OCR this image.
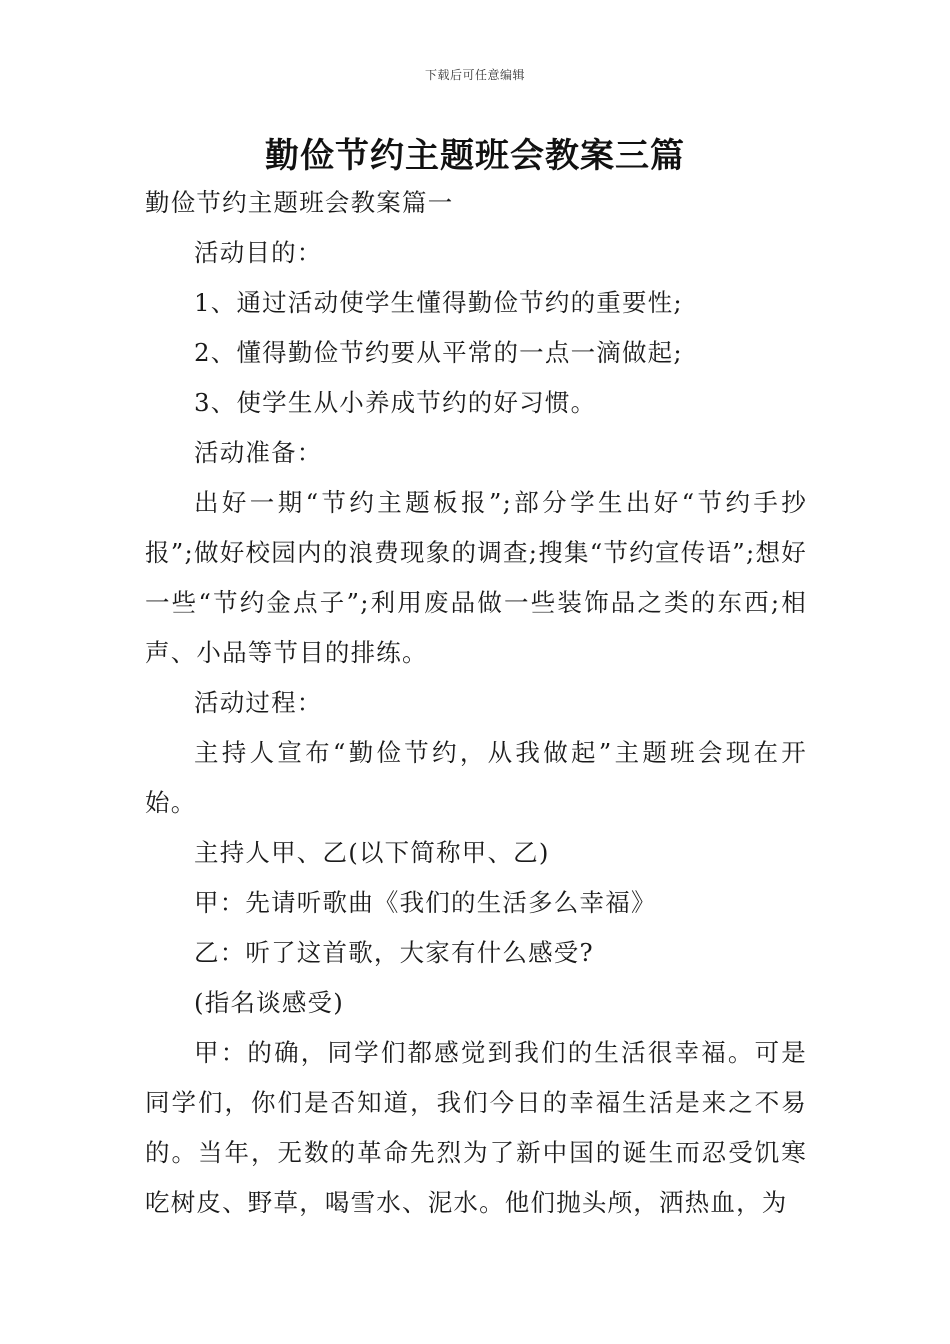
下载后可任意编辑
勤俭节约主题班会教案三篇

勤俭节约主题班会教案篇一

活动目的：

1、通过活动使学生懂得勤俭节约的重要性;

2、懂得勤俭节约要从平常的一点一滴做起;

3、使学生从小养成节约的好习惯。

活动准备：

出好一期“节约主题板报”;部分学生出好“节约手抄报”;做好校园内的浪费现象的调查;搜集“节约宣传语”;想好一些“节约金点子”;利用废品做一些装饰品之类的东西;相声、小品等节目的排练。

活动过程：

主持人宣布“勤俭节约，从我做起”主题班会现在开始。

主持人甲、乙(以下简称甲、乙)

甲：先请听歌曲《我们的生活多么幸福》

乙：听了这首歌，大家有什么感受?

(指名谈感受)

甲：的确，同学们都感觉到我们的生活很幸福。可是同学们，你们是否知道，我们今日的幸福生活是来之不易的。当年，无数的革命先烈为了新中国的诞生而忍受饥寒吃树皮、野草，喝雪水、泥水。他们抛头颅，洒热血，为
